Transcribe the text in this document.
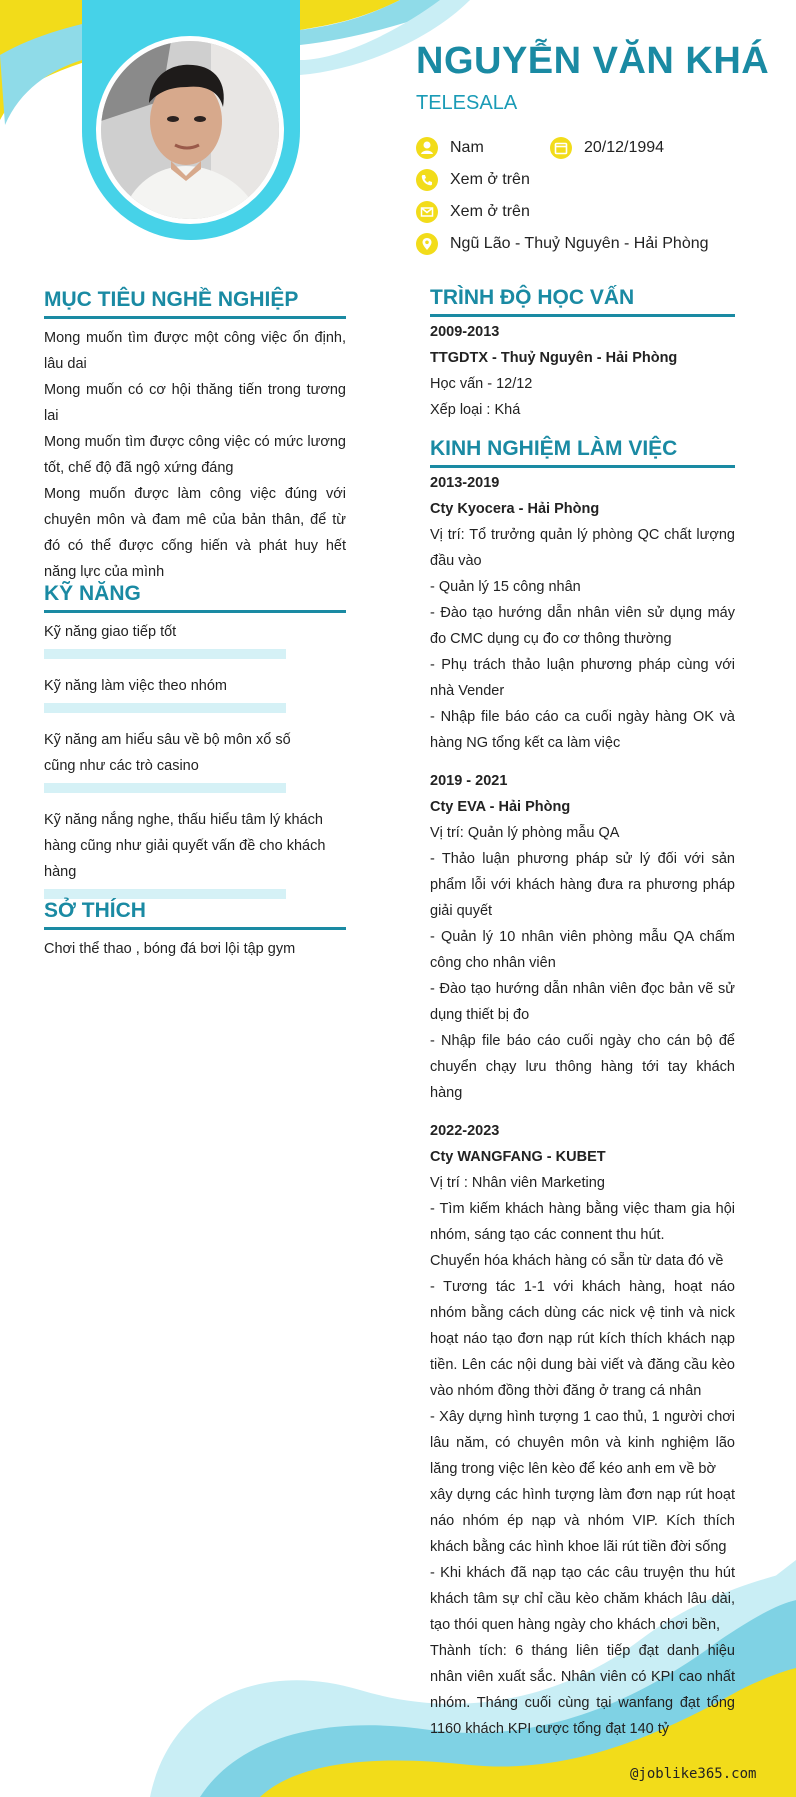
NGUYỄN VĂN KHÁ
TELESALA
Nam	20/12/1994
Xem ở trên
Xem ở trên
Ngũ Lão - Thuỷ Nguyên - Hải Phòng
MỤC TIÊU NGHỀ NGHIỆP

Mong muốn tìm được một công việc ổn định, lâu dai

Mong muốn có cơ hội thăng tiến trong tương lai

Mong muốn tìm được công việc có mức lương tốt, chế độ đã ngộ xứng đáng

Mong muốn được làm công việc đúng với chuyên môn và đam mê của bản thân, để từ đó có thể được cống hiến và phát huy hết năng lực của mình

KỸ NĂNG
Kỹ năng giao tiếp tốt
Kỹ năng làm việc theo nhóm
Kỹ năng am hiểu sâu về bộ môn xổ số cũng như các trò casino
Kỹ năng nắng nghe, thấu hiểu tâm lý khách hàng cũng như giải quyết vấn đề cho khách hàng
SỞ THÍCH

Chơi thể thao , bóng đá bơi lội tập gym

TRÌNH ĐỘ HỌC VẤN

2009-2013

TTGDTX - Thuỷ Nguyên - Hải Phòng

Học vấn - 12/12

Xếp loại : Khá

KINH NGHIỆM LÀM VIỆC

2013-2019

Cty Kyocera - Hải Phòng

Vị trí: Tổ trưởng quản lý phòng QC chất lượng đầu vào

- Quản lý 15 công nhân

- Đào tạo hướng dẫn nhân viên sử dụng máy đo CMC dụng cụ đo cơ thông thường

- Phụ trách thảo luận phương pháp cùng với nhà Vender

- Nhập file báo cáo ca cuối ngày hàng OK và hàng NG tổng kết ca làm việc

2019 - 2021

Cty EVA - Hải Phòng

Vị trí: Quản lý phòng mẫu QA

- Thảo luận phương pháp sử lý đối với sản phẩm lỗi với khách hàng đưa ra phương pháp giải quyết

- Quản lý 10 nhân viên phòng mẫu QA chấm công cho nhân viên

- Đào tạo hướng dẫn nhân viên đọc bản vẽ sử dụng thiết bị đo

- Nhập file báo cáo cuối ngày cho cán bộ để chuyển chạy lưu thông hàng tới tay khách hàng

2022-2023

Cty WANGFANG - KUBET

Vị trí : Nhân viên Marketing

- Tìm kiếm khách hàng bằng việc tham gia hội nhóm, sáng tạo các connent thu hút.

Chuyển hóa khách hàng có sẵn từ data đó về

- Tương tác 1-1 với khách hàng, hoạt náo nhóm bằng cách dùng các nick vệ tinh và nick hoạt náo tạo đơn nạp rút kích thích khách nạp tiền. Lên các nội dung bài viết và đăng cầu kèo vào nhóm đồng thời đăng ở trang cá nhân

- Xây dựng hình tượng 1 cao thủ, 1 người chơi lâu năm, có chuyên môn và kinh nghiệm lão lăng trong việc lên kèo để kéo anh em về bờ

xây dựng các hình tượng làm đơn nạp rút hoạt náo nhóm ép nạp và nhóm VIP. Kích thích khách bằng các hình khoe lãi rút tiền đời sống

- Khi khách đã nạp tạo các câu truyện thu hút khách tâm sự chỉ cầu kèo chăm khách lâu dài, tạo thói quen hàng ngày cho khách chơi bền,

Thành tích: 6 tháng liên tiếp đạt danh hiệu nhân viên xuất sắc. Nhân viên có KPI cao nhất nhóm. Tháng cuối cùng tại wanfang đạt tổng 1160 khách KPI cược tổng đạt 140 tỷ

@joblike365.com
